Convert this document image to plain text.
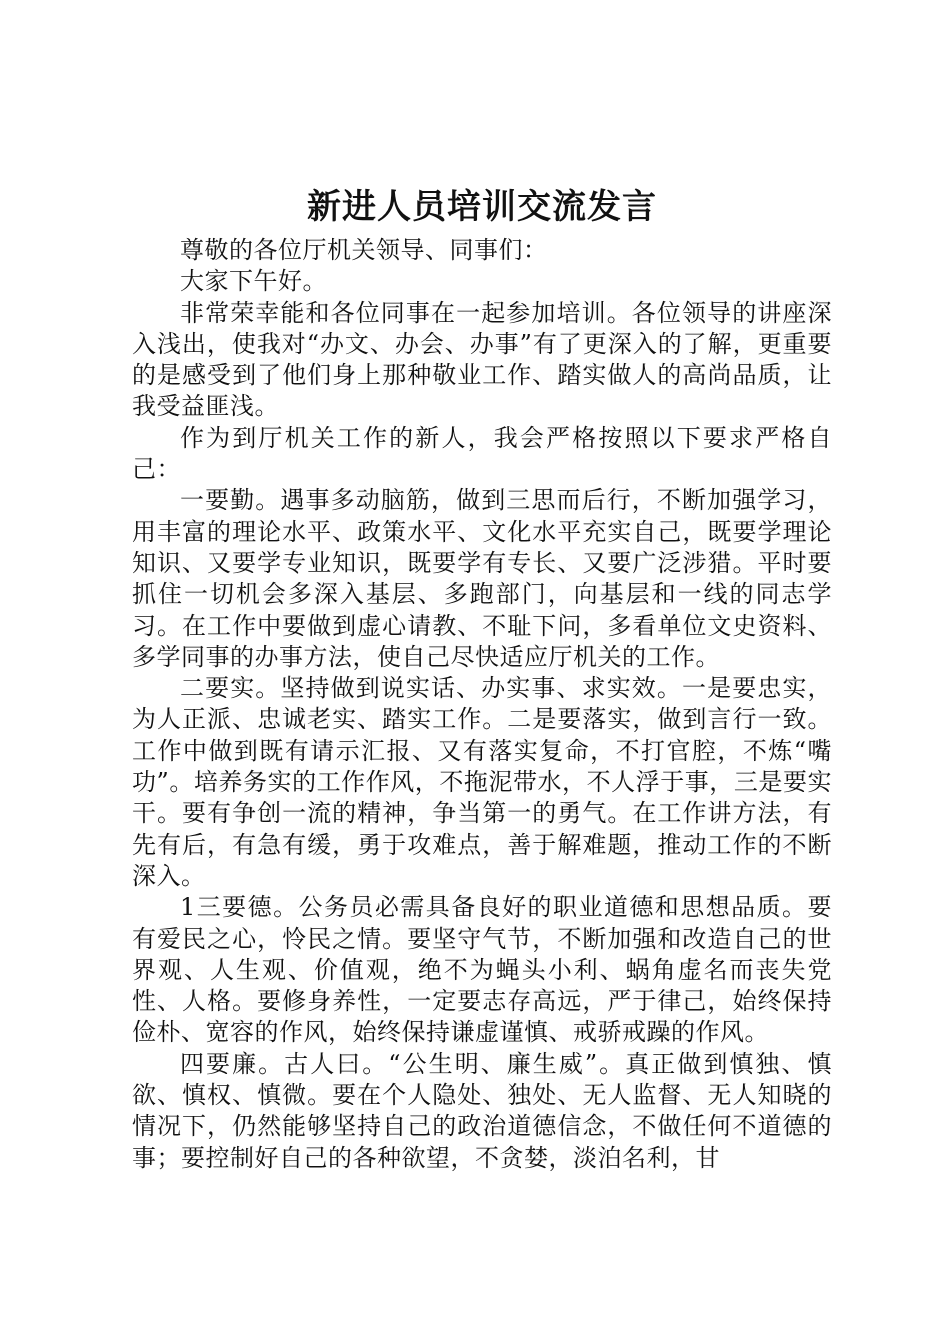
新进人员培训交流发言

尊敬的各位厅机关领导、同事们：

大家下午好。

非常荣幸能和各位同事在一起参加培训。各位领导的讲座深入浅出，使我对“办文、办会、办事”有了更深入的了解，更重要的是感受到了他们身上那种敬业工作、踏实做人的高尚品质，让我受益匪浅。

作为到厅机关工作的新人，我会严格按照以下要求严格自己：

一要勤。遇事多动脑筋，做到三思而后行，不断加强学习，用丰富的理论水平、政策水平、文化水平充实自己，既要学理论知识、又要学专业知识，既要学有专长、又要广泛涉猎。平时要抓住一切机会多深入基层、多跑部门，向基层和一线的同志学习。在工作中要做到虚心请教、不耻下问，多看单位文史资料、多学同事的办事方法，使自己尽快适应厅机关的工作。

二要实。坚持做到说实话、办实事、求实效。一是要忠实，为人正派、忠诚老实、踏实工作。二是要落实，做到言行一致。工作中做到既有请示汇报、又有落实复命，不打官腔，不炼“嘴功”。培养务实的工作作风，不拖泥带水，不人浮于事，三是要实干。要有争创一流的精神，争当第一的勇气。在工作讲方法，有先有后，有急有缓，勇于攻难点，善于解难题，推动工作的不断深入。

1三要德。公务员必需具备良好的职业道德和思想品质。要有爱民之心，怜民之情。要坚守气节，不断加强和改造自己的世界观、人生观、价值观，绝不为蝇头小利、蜗角虚名而丧失党性、人格。要修身养性，一定要志存高远，严于律己，始终保持俭朴、宽容的作风，始终保持谦虚谨慎、戒骄戒躁的作风。

四要廉。古人曰。“公生明、廉生威”。真正做到慎独、慎欲、慎权、慎微。要在个人隐处、独处、无人监督、无人知晓的情况下，仍然能够坚持自己的政治道德信念，不做任何不道德的事；要控制好自己的各种欲望，不贪婪，淡泊名利，甘
